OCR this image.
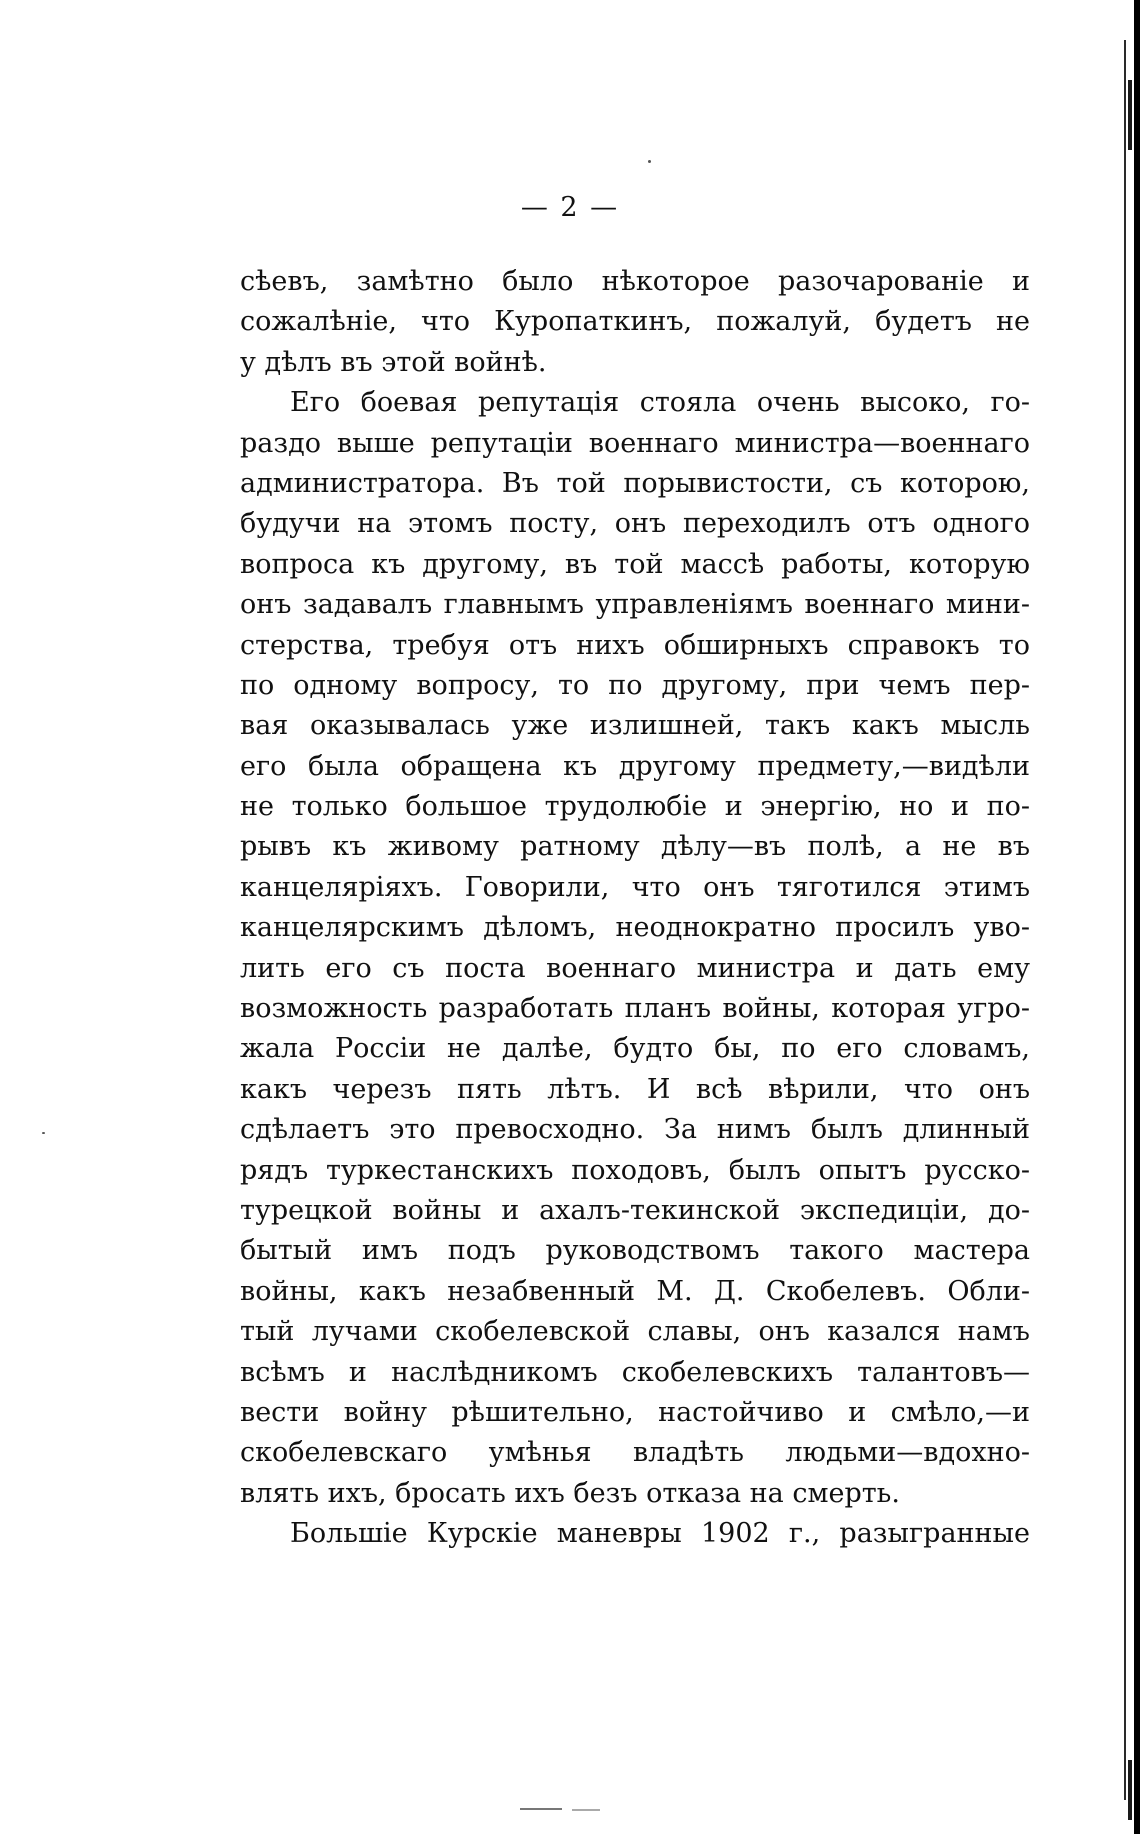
— 2 —
сѣевъ, замѣтно было нѣкоторое разочарованіе и
сожалѣніе, что Куропаткинъ, пожалуй, будетъ не
у дѣлъ въ этой войнѣ.
Его боевая репутація стояла очень высоко, го-
раздо выше репутаціи военнаго министра—военнаго
администратора. Въ той порывистости, съ которою,
будучи на этомъ посту, онъ переходилъ отъ одного
вопроса къ другому, въ той массѣ работы, которую
онъ задавалъ главнымъ управленіямъ военнаго мини-
стерства, требуя отъ нихъ обширныхъ справокъ то
по одному вопросу, то по другому, при чемъ пер-
вая оказывалась уже излишней, такъ какъ мысль
его была обращена къ другому предмету,—видѣли
не только большое трудолюбіе и энергію, но и по-
рывъ къ живому ратному дѣлу—въ полѣ, а не въ
канцеляріяхъ. Говорили, что онъ тяготился этимъ
канцелярскимъ дѣломъ, неоднократно просилъ уво-
лить его съ поста военнаго министра и дать ему
возможность разработать планъ войны, которая угро-
жала Россіи не далѣе, будто бы, по его словамъ,
какъ черезъ пять лѣтъ. И всѣ вѣрили, что онъ
сдѣлаетъ это превосходно. За нимъ былъ длинный
рядъ туркестанскихъ походовъ, былъ опытъ русско-
турецкой войны и ахалъ-текинской экспедиціи, до-
бытый имъ подъ руководствомъ такого мастера
войны, какъ незабвенный М. Д. Скобелевъ. Обли-
тый лучами скобелевской славы, онъ казался намъ
всѣмъ и наслѣдникомъ скобелевскихъ талантовъ—
вести войну рѣшительно, настойчиво и смѣло,—и
скобелевскаго умѣнья владѣть людьми—вдохно-
влять ихъ, бросать ихъ безъ отказа на смерть.
Большіе Курскіе маневры 1902 г., разыгранные
